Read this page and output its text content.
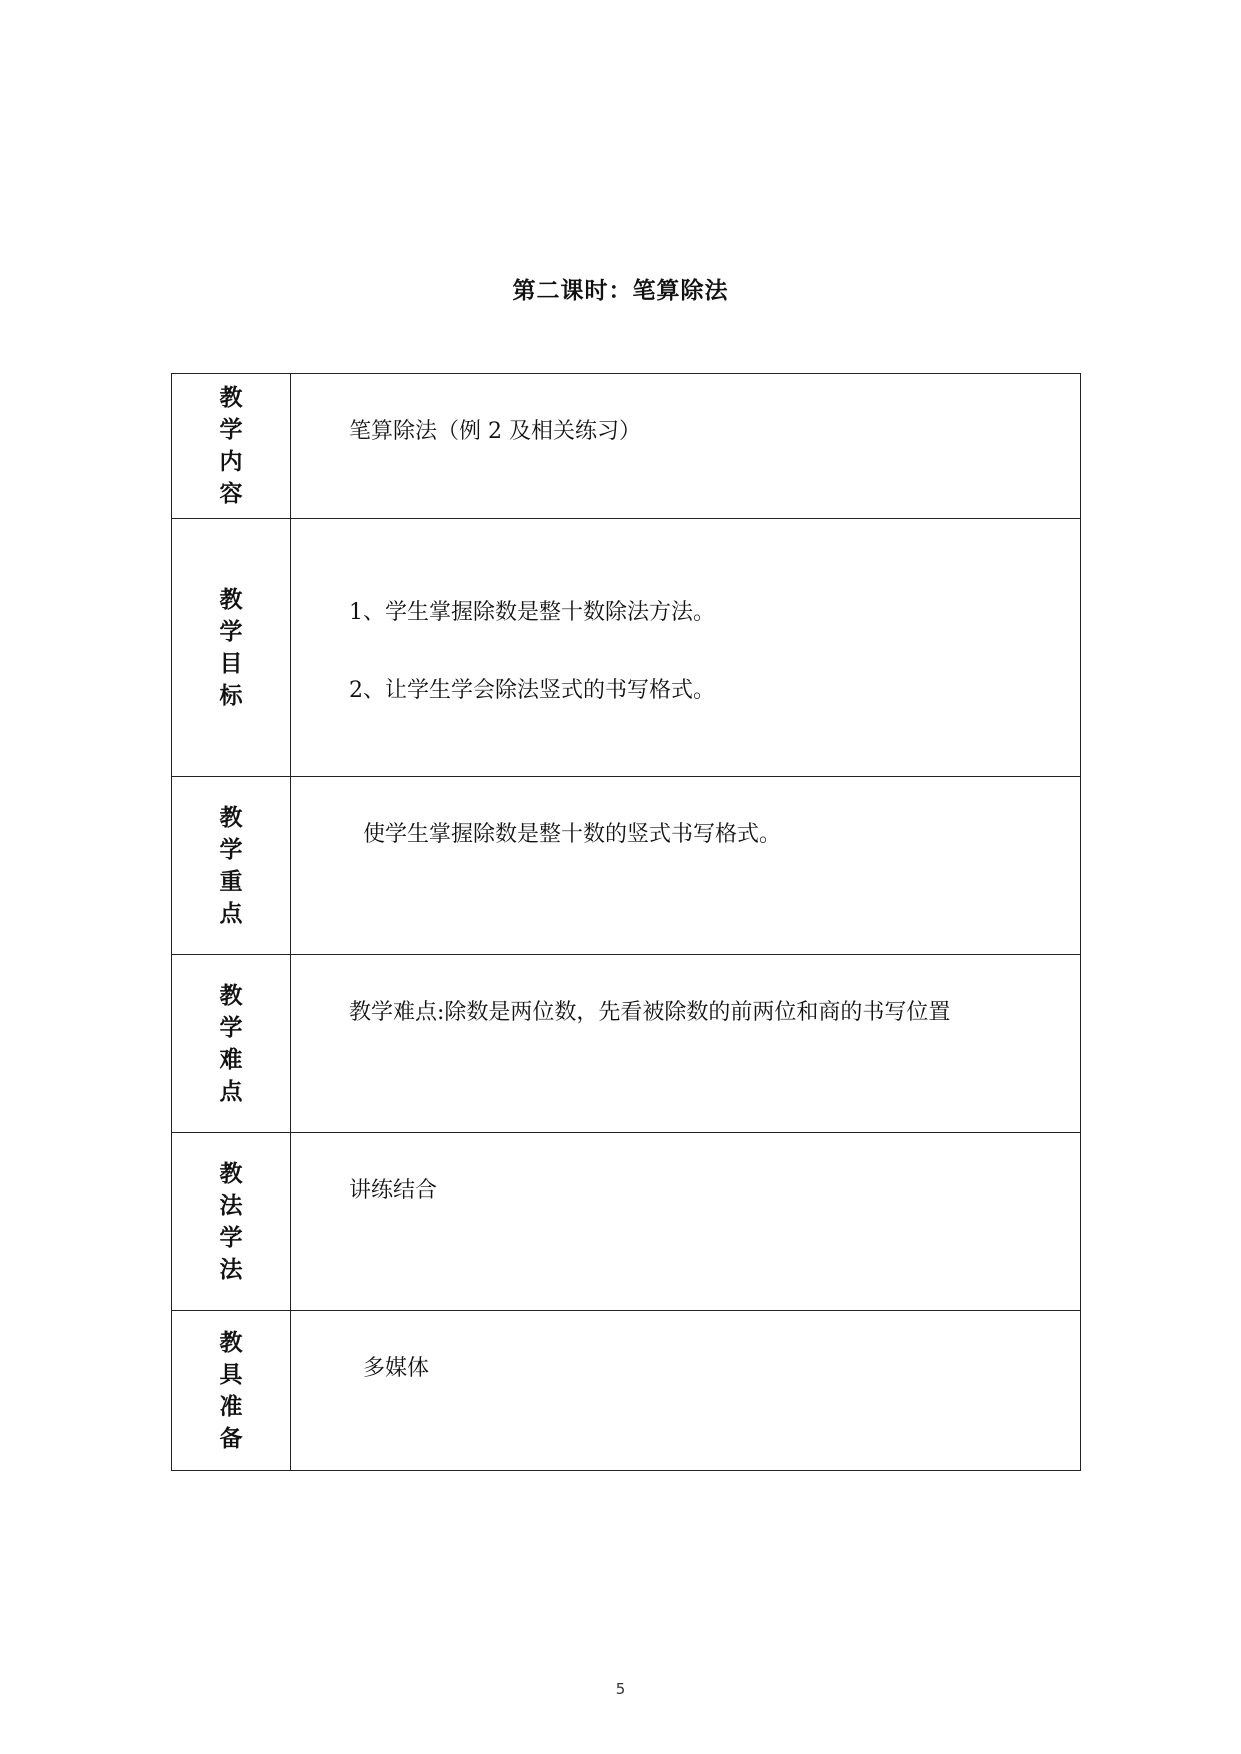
第二课时：笔算除法
教学内容	笔算除法（例 2 及相关练习）

教学目标	1、学生掌握除数是整十数除法方法。
2、让学生学会除法竖式的书写格式。

教学重点	使学生掌握除数是整十数的竖式书写格式。

教学难点	教学难点:除数是两位数，先看被除数的前两位和商的书写位置

教法学法	讲练结合

教具准备	多媒体
5
